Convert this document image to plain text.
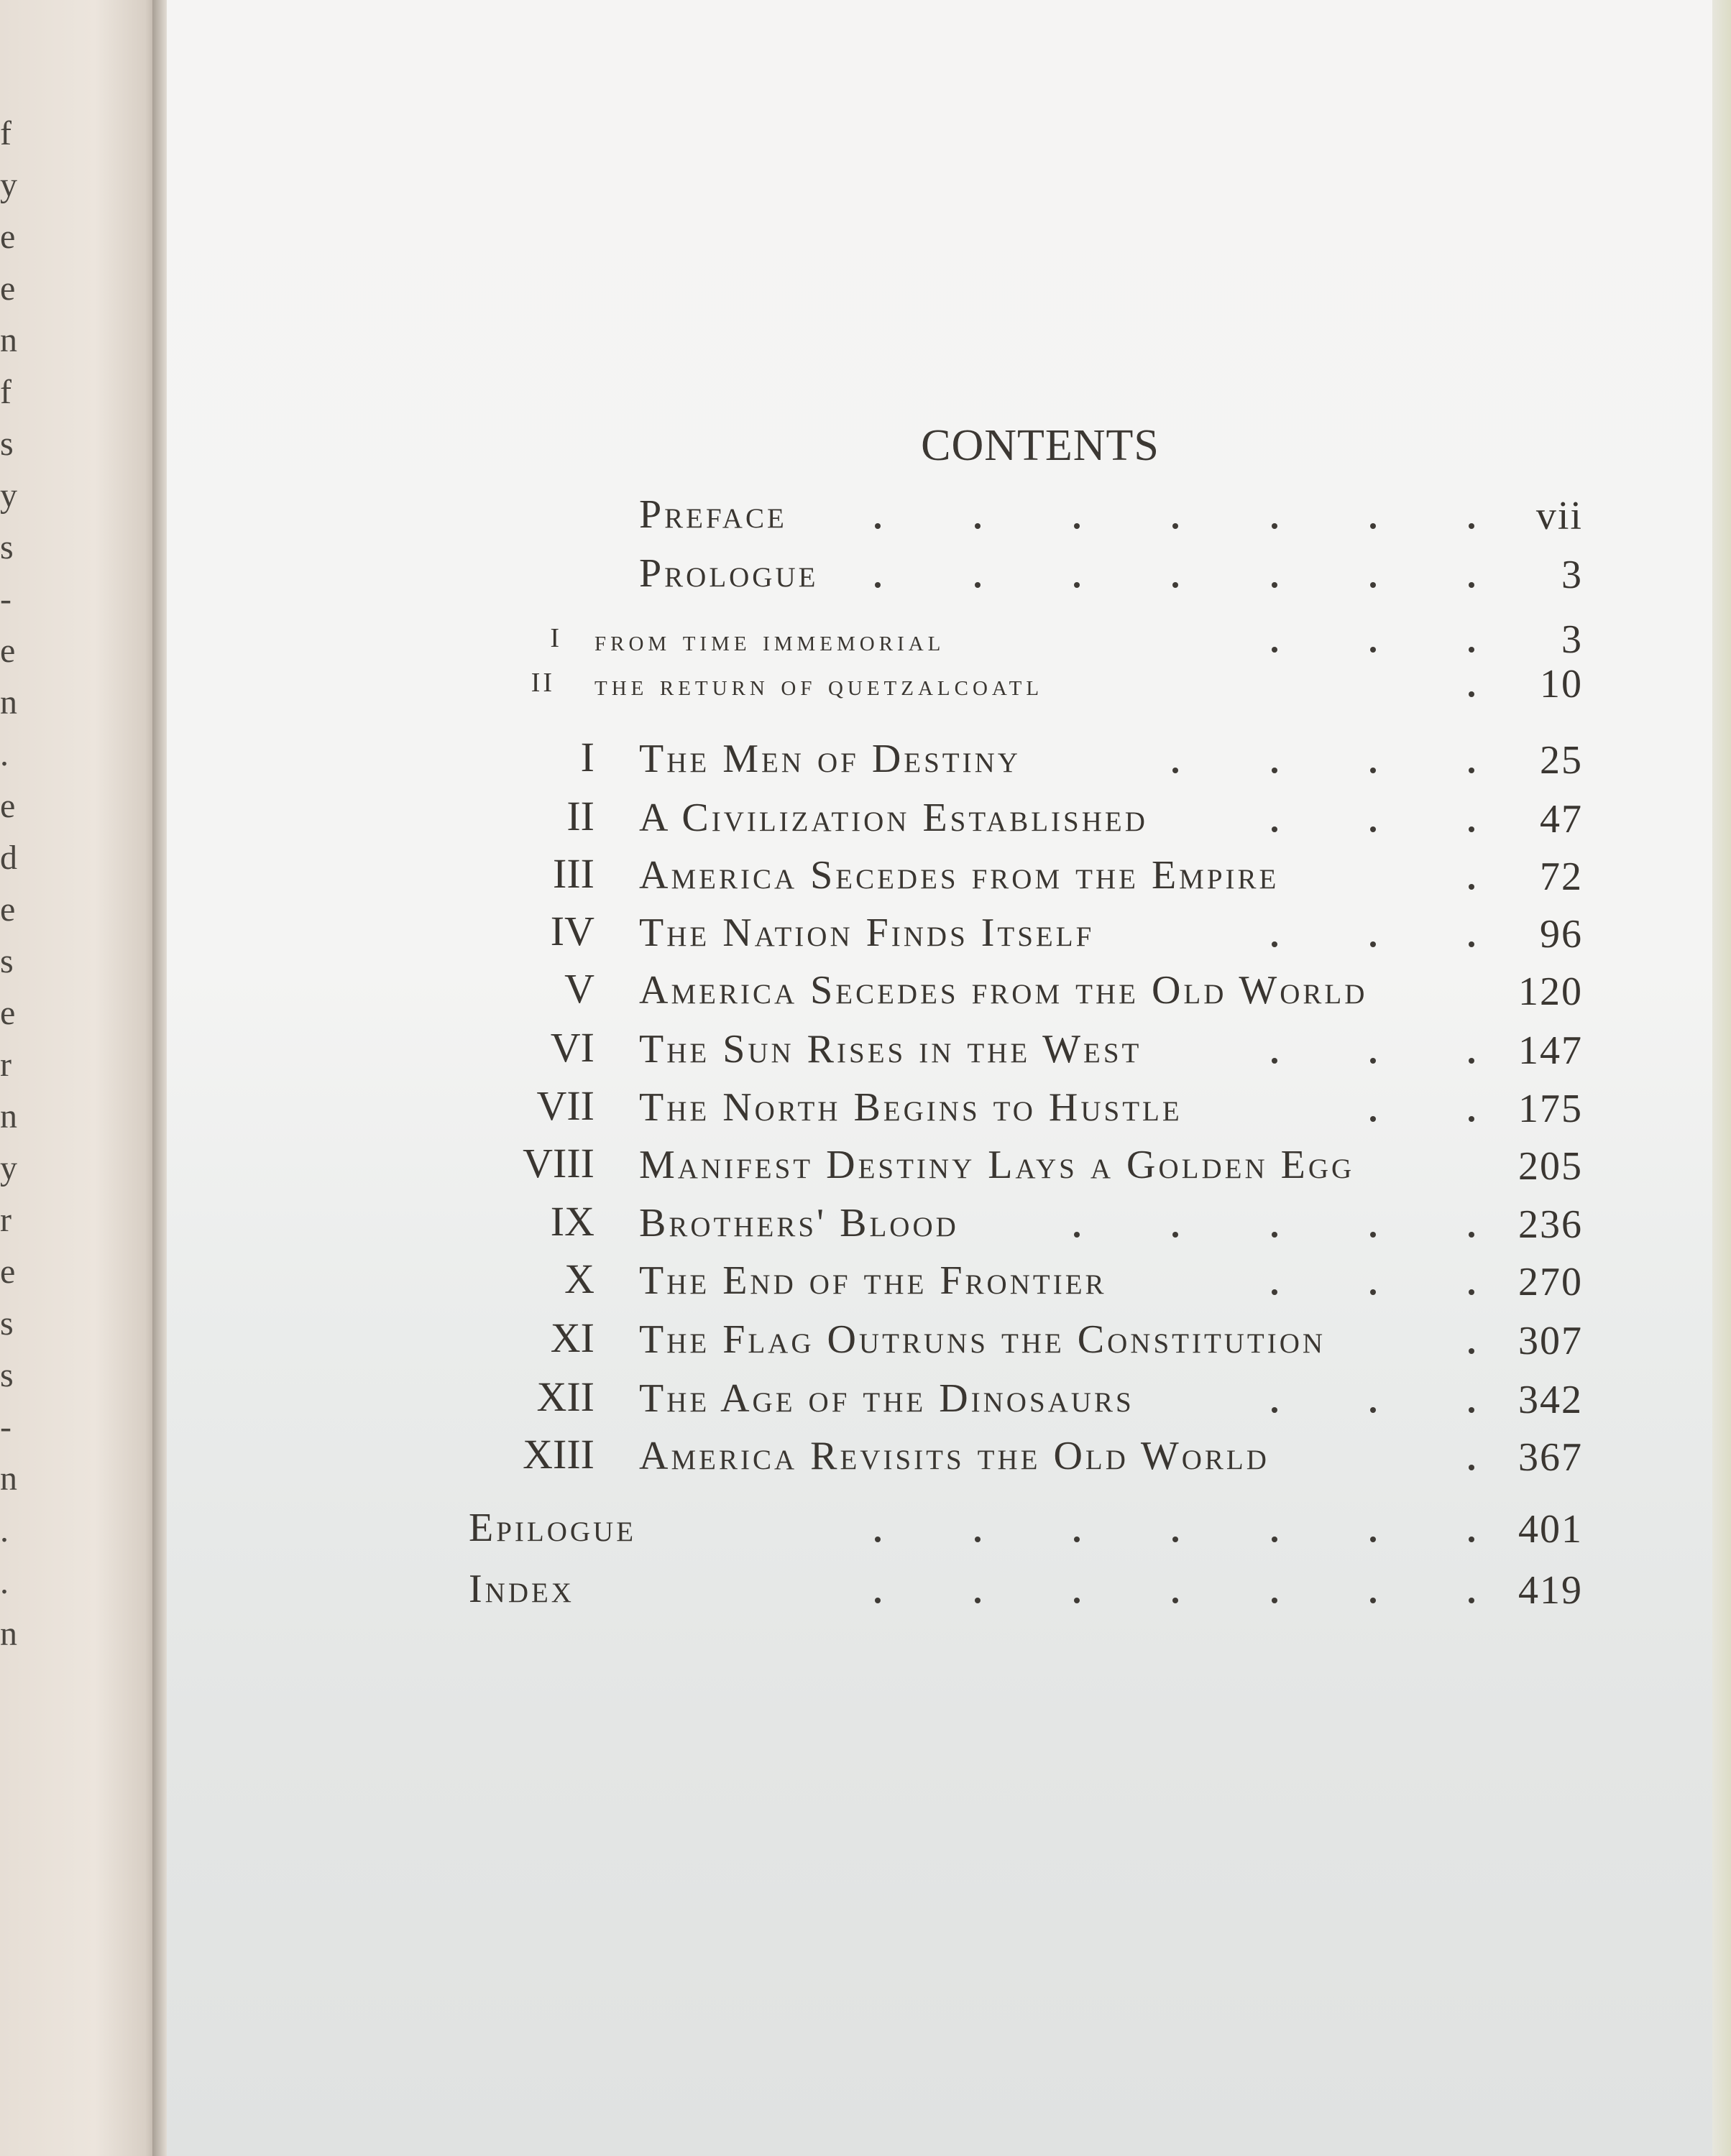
f
y
e
e
n
f
s
y
s
-
e
n
.
e
d
e
s
e
r
n
y
r
e
s
s
-
n
.
.
n
CONTENTS
Preface	vii
Prologue	3
I from time immemorial	3
II the return of quetzalcoatl	10
I The Men of Destiny	25
II A Civilization Established	47
III America Secedes from the Empire	72
IV The Nation Finds Itself	96
V America Secedes from the Old World	120
VI The Sun Rises in the West	147
VII The North Begins to Hustle	175
VIII Manifest Destiny Lays a Golden Egg	205
IX Brothers' Blood	236
X The End of the Frontier	270
XI The Flag Outruns the Constitution	307
XII The Age of the Dinosaurs	342
XIII America Revisits the Old World	367
Epilogue	401
Index	419
